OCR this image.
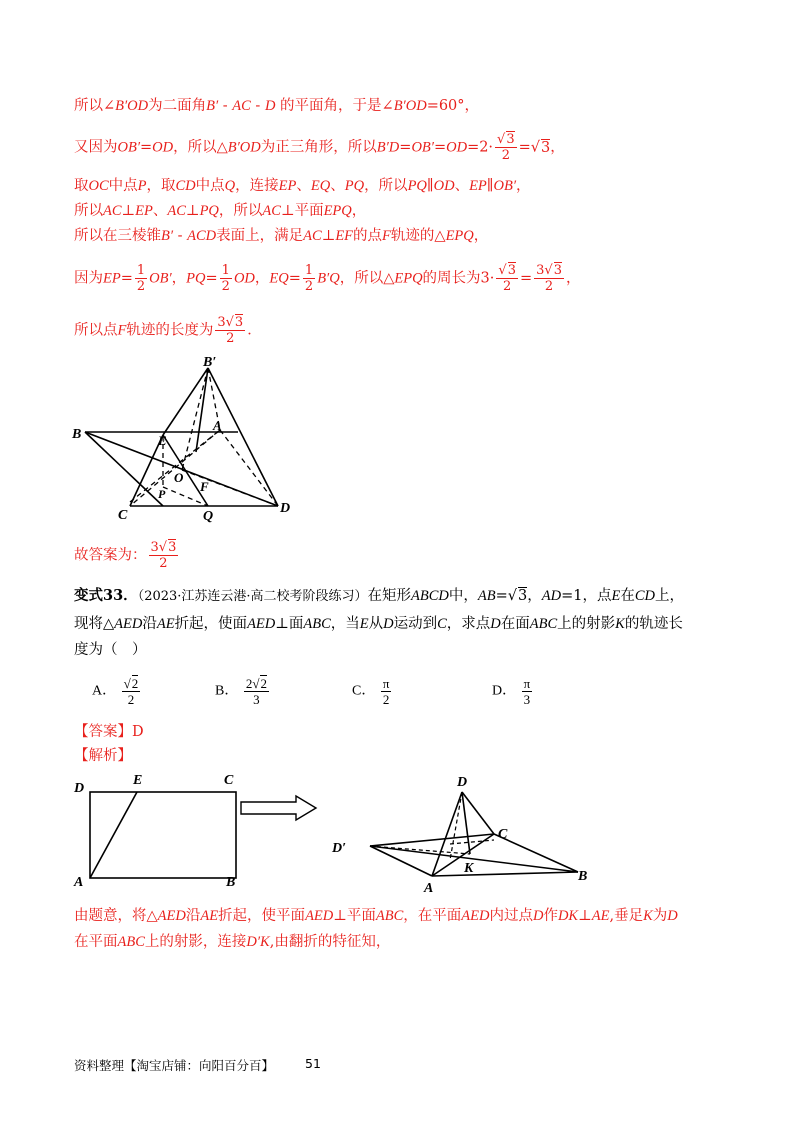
所以∠B′OD为二面角B′ ‐ AC ‐ D 的平面角，于是∠B′OD=60°，
又因为OB′=OD，所以△B′OD为正三角形，所以$B'D=OB'=OD=2\cdot \frac{√3}{2} =√3$，
取OC中点P，取CD中点Q，连接EP、EQ、PQ，所以PQ∥OD、EP∥OB′，
所以AC⊥EP、AC⊥PQ，所以AC⊥平面EPQ，
所以在三棱锥B′ ‐ ACD表面上，满足AC⊥EF的点F轨迹的△EPQ，
因为$EP= \frac{1}{2} OB'$，$PQ= \frac{1}{2}$ OD，$EQ= \frac{1}{2} B'Q$，所以△EPQ的周长为$3\cdot \frac{√3}{2} = \frac{3√3}{2}$ ，
所以点F轨迹的长度为 $\frac{3√3}{2}$ ．
B′
B	E
A
O
F
P
C	Q
D
故答案为： $\frac{3√3}{2}$
变式33．（2023·江苏连云港·高二校考阶段练习）在矩形ABCD中，AB=√3，AD=1，点E在CD上，
现将△AED沿AE折起，使面AED⊥面ABC，当E从D运动到C，求点D在面ABC上的射影K的轨迹长
度为（　）
A． $\frac{√2}{2}$	B． $\frac{2√2}{3}$	C． $\frac{\pi}{2}$	D． $\frac{\pi}{3}$
【答案】D
【解析】
D
E	C
A	B
D
D′
C
K
A
B
由题意，将△AED沿AE折起，使平面AED⊥平面ABC，在平面AED内过点D作DK⊥AE,垂足K为D
在平面ABC上的射影，连接D′K,由翻折的特征知，
资料整理【淘宝店铺：向阳百分百】 51
